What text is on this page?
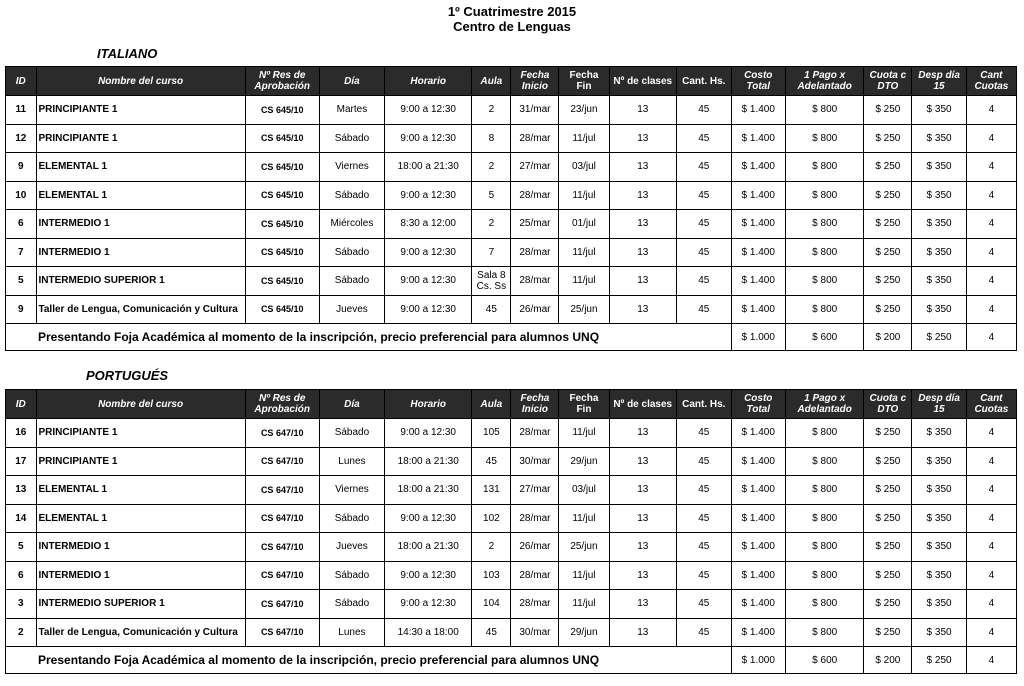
1º Cuatrimestre 2015
Centro de Lenguas
ITALIANO
ID	Nombre del curso	Nº Res de Aprobación	Día	Horario	Aula	Fecha Inicio	Fecha Fin	Nº de clases	Cant. Hs.	Costo Total	1 Pago x Adelantado	Cuota c DTO	Desp día 15	Cant Cuotas
11	PRINCIPIANTE 1	CS 645/10	Martes	9:00 a 12:30	2	31/mar	23/jun	13	45	$ 1.400	$ 800	$ 250	$ 350	4
12	PRINCIPIANTE 1	CS 645/10	Sábado	9:00 a 12:30	8	28/mar	11/jul	13	45	$ 1.400	$ 800	$ 250	$ 350	4
9	ELEMENTAL 1	CS 645/10	Viernes	18:00 a 21:30	2	27/mar	03/jul	13	45	$ 1.400	$ 800	$ 250	$ 350	4
10	ELEMENTAL 1	CS 645/10	Sábado	9:00 a 12:30	5	28/mar	11/jul	13	45	$ 1.400	$ 800	$ 250	$ 350	4
6	INTERMEDIO 1	CS 645/10	Miércoles	8:30 a 12:00	2	25/mar	01/jul	13	45	$ 1.400	$ 800	$ 250	$ 350	4
7	INTERMEDIO 1	CS 645/10	Sábado	9:00 a 12:30	7	28/mar	11/jul	13	45	$ 1.400	$ 800	$ 250	$ 350	4
5	INTERMEDIO SUPERIOR 1	CS 645/10	Sábado	9:00 a 12:30	Sala 8 Cs. Ss	28/mar	11/jul	13	45	$ 1.400	$ 800	$ 250	$ 350	4
9	Taller de Lengua, Comunicación y Cultura	CS 645/10	Jueves	9:00 a 12:30	45	26/mar	25/jun	13	45	$ 1.400	$ 800	$ 250	$ 350	4
	Presentando Foja Académica al momento de la inscripción, precio preferencial para alumnos UNQ									$ 1.000	$ 600	$ 200	$ 250	4
PORTUGUÉS
ID	Nombre del curso	Nº Res de Aprobación	Día	Horario	Aula	Fecha Inicio	Fecha Fin	Nº de clases	Cant. Hs.	Costo Total	1 Pago x Adelantado	Cuota c DTO	Desp día 15	Cant Cuotas
16	PRINCIPIANTE 1	CS 647/10	Sábado	9:00 a 12:30	105	28/mar	11/jul	13	45	$ 1.400	$ 800	$ 250	$ 350	4
17	PRINCIPIANTE 1	CS 647/10	Lunes	18:00 a 21:30	45	30/mar	29/jun	13	45	$ 1.400	$ 800	$ 250	$ 350	4
13	ELEMENTAL 1	CS 647/10	Viernes	18:00 a 21:30	131	27/mar	03/jul	13	45	$ 1.400	$ 800	$ 250	$ 350	4
14	ELEMENTAL 1	CS 647/10	Sábado	9:00 a 12:30	102	28/mar	11/jul	13	45	$ 1.400	$ 800	$ 250	$ 350	4
5	INTERMEDIO 1	CS 647/10	Jueves	18:00 a 21:30	2	26/mar	25/jun	13	45	$ 1.400	$ 800	$ 250	$ 350	4
6	INTERMEDIO 1	CS 647/10	Sábado	9:00 a 12:30	103	28/mar	11/jul	13	45	$ 1.400	$ 800	$ 250	$ 350	4
3	INTERMEDIO SUPERIOR 1	CS 647/10	Sábado	9:00 a 12:30	104	28/mar	11/jul	13	45	$ 1.400	$ 800	$ 250	$ 350	4
2	Taller de Lengua, Comunicación y Cultura	CS 647/10	Lunes	14:30 a 18:00	45	30/mar	29/jun	13	45	$ 1.400	$ 800	$ 250	$ 350	4
	Presentando Foja Académica al momento de la inscripción, precio preferencial para alumnos UNQ									$ 1.000	$ 600	$ 200	$ 250	4
